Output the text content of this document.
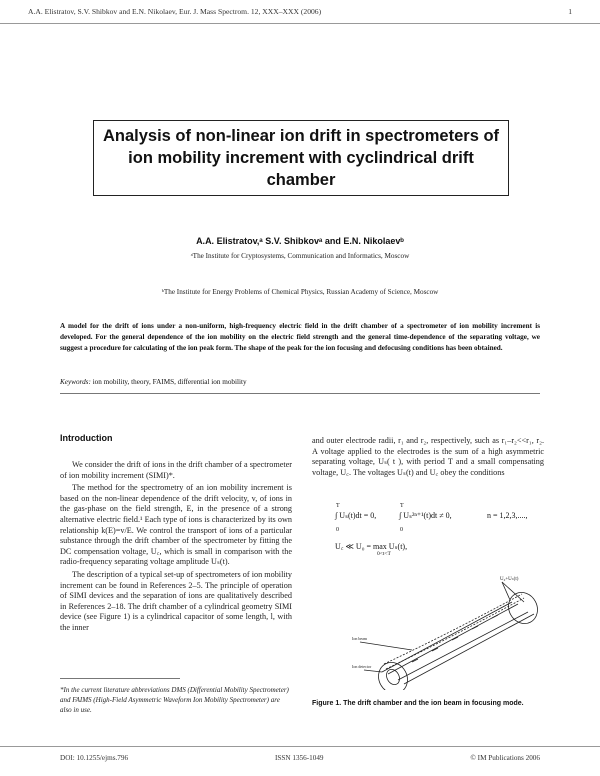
A.A. Elistratov, S.V. Shibkov and E.N. Nikolaev, Eur. J. Mass Spectrom. 12, XXX–XXX (2006)	1
Analysis of non-linear ion drift in spectrometers of ion mobility increment with cyclindrical drift chamber
A.A. Elistratov,ᵃ S.V. Shibkovᵃ and E.N. Nikolaevᵇ
ᵃThe Institute for Cryptosystems, Communication and Informatics, Moscow
ᵇThe Institute for Energy Problems of Chemical Physics, Russian Academy of Science, Moscow
A model for the drift of ions under a non-uniform, high-frequency electric field in the drift chamber of a spectrometer of ion mobility increment is developed. For the general dependence of the ion mobility on the electric field strength and the general time-dependence of the separating voltage, we suggest a procedure for calculating of the ion peak form. The shape of the peak for the ion focusing and defocusing conditions has been obtained.
Keywords: ion mobility, theory, FAIMS, differential ion mobility
Introduction

We consider the drift of ions in the drift chamber of a spectrometer of ion mobility increment (SIMI)*.

The method for the spectrometry of an ion mobility increment is based on the non-linear dependence of the drift velocity, v, of ions in the gas-phase on the field strength, E, in the presence of a strong alternative electric field.¹ Each type of ions is characterized by its own relationship k(E)=v/E. We control the transport of ions of a particular substance through the drift chamber of the spectrometer by fitting the DC compensation voltage, U꜀, which is small in comparison with the radio-frequency separating voltage amplitude Uₛ(t).

The description of a typical set-up of spectrometers of ion mobility increment can be found in References 2–5. The principle of operation of SIMI devices and the separation of ions are qualitatively described in References 2–18. The drift chamber of a cylindrical geometry SIMI device (see Figure 1) is a cylindrical capacitor of some length, l, with the inner

*In the current literature abbreviations DMS (Differential Mobility Spectrometer) and FAIMS (High-Field Asymmetric Waveform Ion Mobility Spectrometer) are also in use.
and outer electrode radii, r₁ and r₂, respectively, such as r₁–r₂<<r₁, r₂. A voltage applied to the electrodes is the sum of a high asymmetric separating voltage, Uₛ( t ), with period T and a small compensating voltage, U꜀. The voltages Uₛ(t) and U꜀ obey the conditions
T
0
∫ Uₛ(t)dt = 0,
T
0
∫ Uₛ²ⁿ⁺¹(t)dt ≠ 0,	n = 1,2,3,....,
U꜀ ≪ U₀ = max Uₛ(t),
0<t<T
U₀+Uₛ(t)
Ion beam
Ion detector
Figure 1. The drift chamber and the ion beam in focusing mode.
DOI: 10.1255/ejms.796	ISSN 1356-1049	© IM Publications 2006
